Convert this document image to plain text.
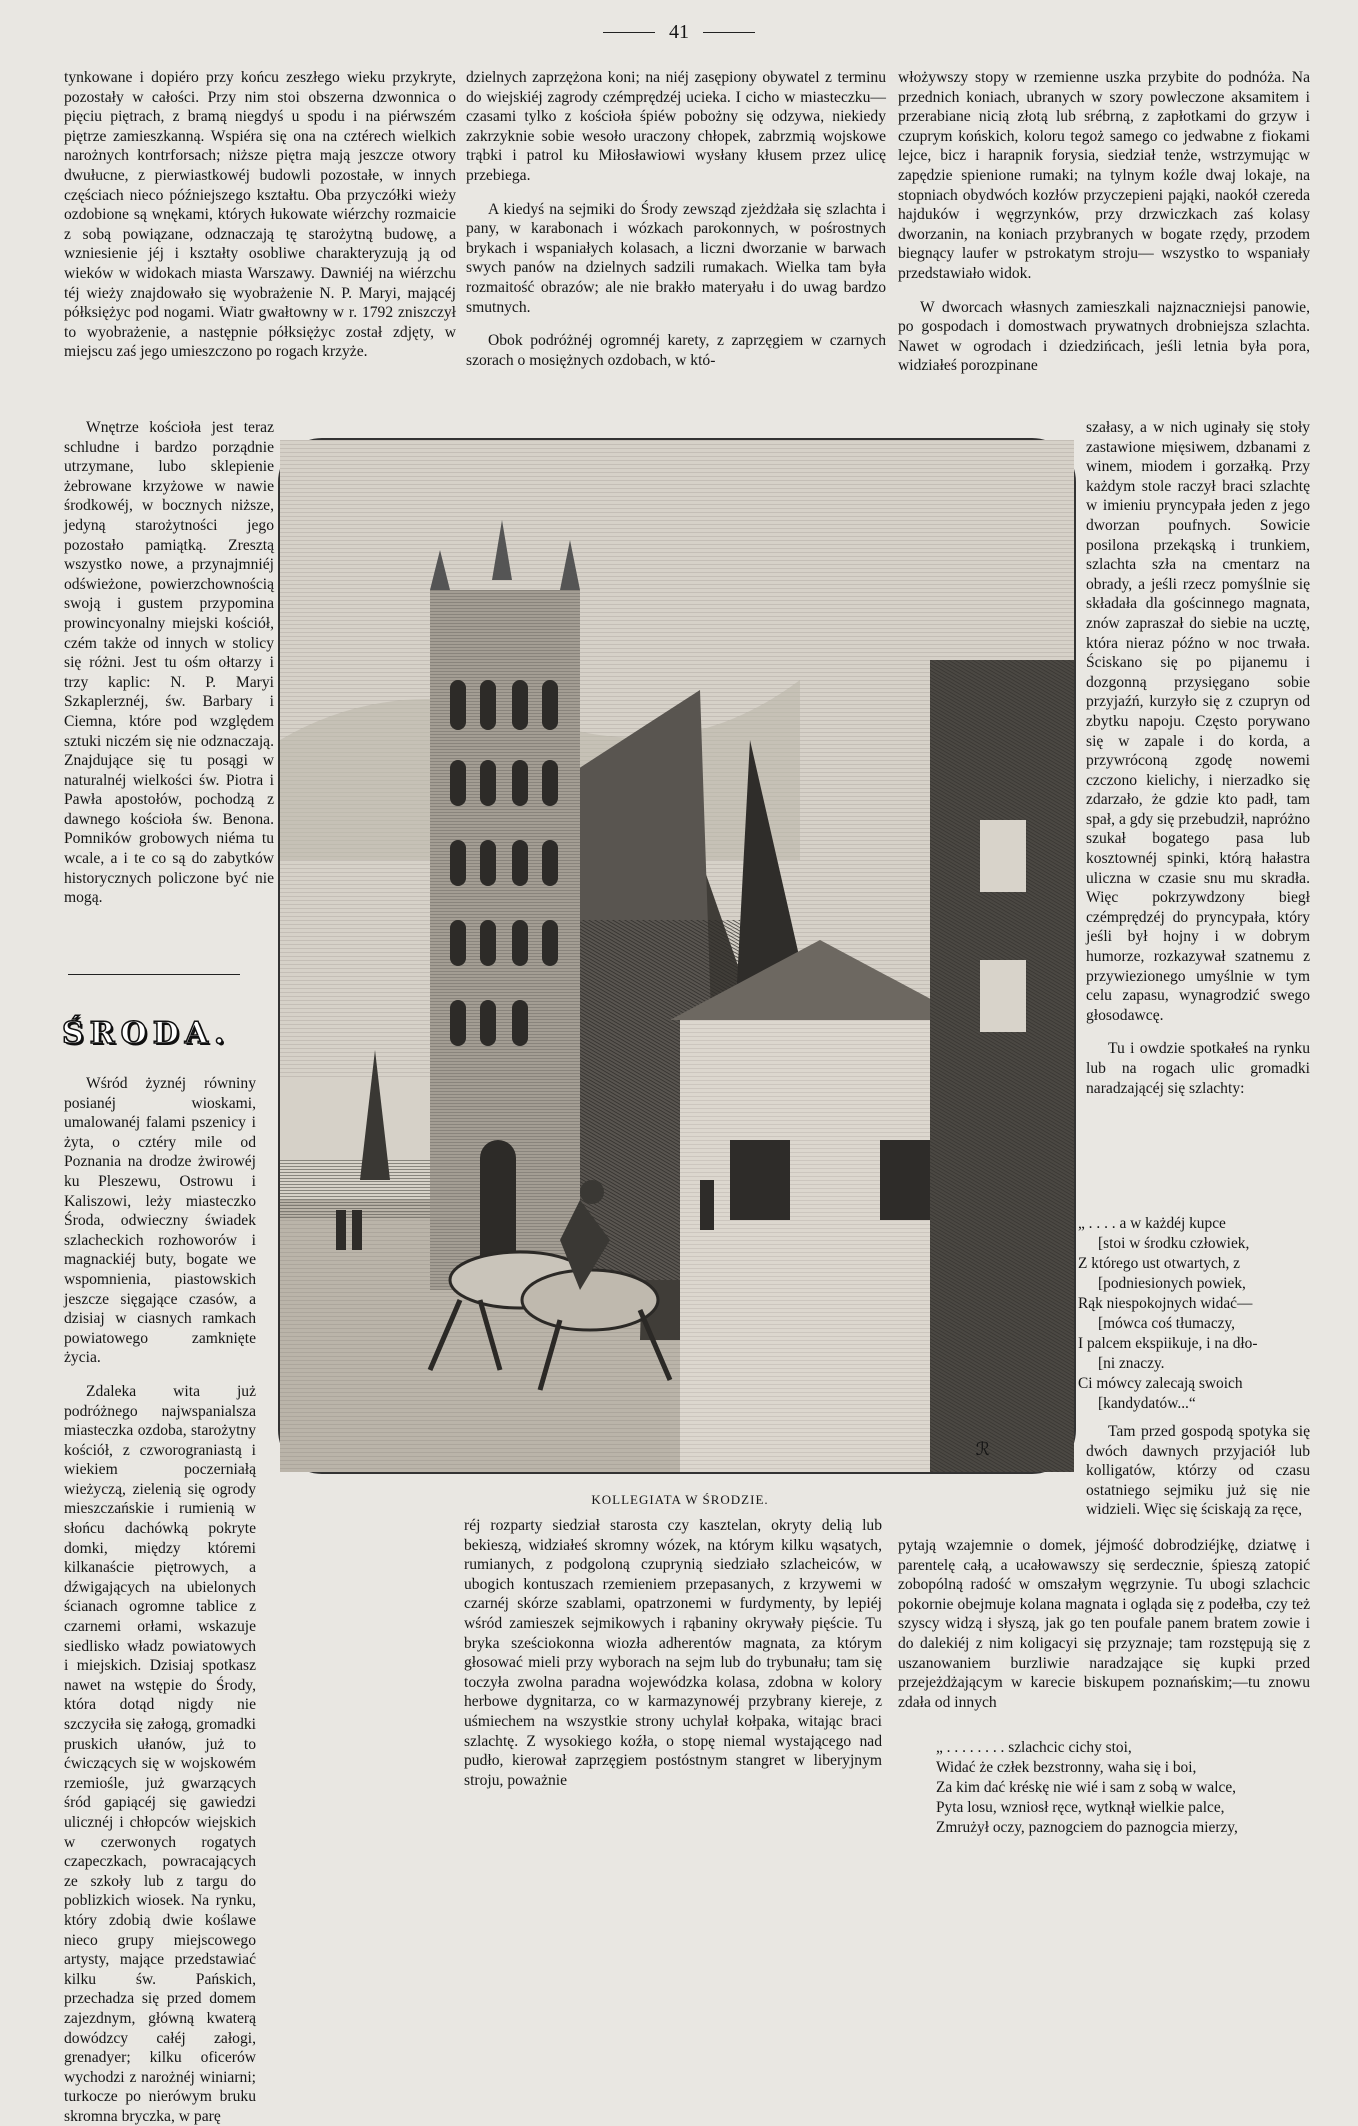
41

tynkowane i dopiéro przy końcu zeszłego wieku przykryte, pozostały w całości. Przy nim stoi obszerna dzwonnica o pięciu piętrach, z bramą niegdyś u spodu i na piérwszém piętrze zamieszkanną. Wspiéra się ona na cztérech wielkich narożnych kontrforsach; niższe piętra mają jeszcze otwory dwułucne, z pierwiastkowéj budowli pozostałe, w innych częściach nieco późniejszego kształtu. Oba przyczółki wieży ozdobione są wnękami, których łukowate wiérzchy rozmaicie z sobą powiązane, odznaczają tę starożytną budowę, a wzniesienie jéj i kształty osobliwe charakteryzują ją od wieków w widokach miasta Warszawy. Dawniéj na wiérzchu téj wieży znajdowało się wyobrażenie N. P. Maryi, mającéj półksiężyc pod nogami. Wiatr gwałtowny w r. 1792 zniszczył to wyobrażenie, a następnie półksiężyc został zdjęty, w miejscu zaś jego umieszczono po rogach krzyże.

Wnętrze kościoła jest teraz schludne i bardzo porządnie utrzymane, lubo sklepienie żebrowane krzyżowe w nawie środkowéj, w bocznych niższe, jedyną starożytności jego pozostało pamiątką. Zresztą wszystko nowe, a przynajmniéj odświeżone, powierzchownością swoją i gustem przypomina prowincyonalny miejski kościół, czém także od innych w stolicy się różni. Jest tu ośm ołtarzy i trzy kaplic: N. P. Maryi Szkaplerznéj, św. Barbary i Ciemna, które pod względem sztuki niczém się nie odznaczają. Znajdujące się tu posągi w naturalnéj wielkości św. Piotra i Pawła apostołów, pochodzą z dawnego kościoła św. Benona. Pomników grobowych niéma tu wcale, a i te co są do zabytków historycznych policzone być nie mogą.

ŚRODA.

Wśród żyznéj równiny posianéj wioskami, umalowanéj falami pszenicy i żyta, o cztéry mile od Poznania na drodze żwirowéj ku Pleszewu, Ostrowu i Kaliszowi, leży miasteczko Środa, odwieczny świadek szlacheckich rozhoworów i magnackiéj buty, bogate we wspomnienia, piastowskich jeszcze sięgające czasów, a dzisiaj w ciasnych ramkach powiatowego zamknięte życia.

Zdaleka wita już podróżnego najwspanialsza miasteczka ozdoba, starożytny kościół, z czworograniastą i wiekiem poczerniałą wieżyczą, zielenią się ogrody mieszczańskie i rumienią w słońcu dachówką pokryte domki, między któremi kilkanaście piętrowych, a dźwigających na ubielonych ścianach ogromne tablice z czarnemi orłami, wskazuje siedlisko władz powiatowych i miejskich. Dzisiaj spotkasz nawet na wstępie do Środy, która dotąd nigdy nie szczyciła się załogą, gromadki pruskich ułanów, już to ćwiczących się w wojskowém rzemiośle, już gwarzących śród gapiącéj się gawiedzi ulicznéj i chłopców wiejskich w czerwonych rogatych czapeczkach, powracających ze szkoły lub z targu do poblizkich wiosek. Na rynku, który zdobią dwie koślawe nieco grupy miejscowego artysty, mające przedstawiać kilku św. Pańskich, przechadza się przed domem zajezdnym, główną kwaterą dowódzcy całéj załogi, grenadyer; kilku oficerów wychodzi z narożnéj winiarni; turkocze po nierówym bruku skromna bryczka, w parę

dzielnych zaprzężona koni; na niéj zasępiony obywatel z terminu do wiejskiéj zagrody czémprędzéj ucieka. I cicho w miasteczku—czasami tylko z kościoła śpiéw pobożny się odzywa, niekiedy zakrzyknie sobie wesoło uraczony chłopek, zabrzmią wojskowe trąbki i patrol ku Miłosławiowi wysłany kłusem przez ulicę przebiega.

A kiedyś na sejmiki do Środy zewsząd zjeżdżała się szlachta i pany, w karabonach i wózkach parokonnych, w pośrostnych brykach i wspaniałych kolasach, a liczni dworzanie w barwach swych panów na dzielnych sadzili rumakach. Wielka tam była rozmaitość obrazów; ale nie brakło materyału i do uwag bardzo smutnych.

Obok podróżnéj ogromnéj karety, z zaprzęgiem w czarnych szorach o mosiężnych ozdobach, w któ-

włożywszy stopy w rzemienne uszka przybite do podnóża. Na przednich koniach, ubranych w szory powleczone aksamitem i przerabiane nicią złotą lub srébrną, z zapłotkami do grzyw i czuprym końskich, koloru tegoż samego co jedwabne z fiokami lejce, bicz i harapnik forysia, siedział tenże, wstrzymując w zapędzie spienione rumaki; na tylnym koźle dwaj lokaje, na stopniach obydwóch kozłów przyczepieni pająki, naokół czereda hajduków i węgrzynków, przy drzwiczkach zaś kolasy dworzanin, na koniach przybranych w bogate rzędy, przodem biegnący laufer w pstrokatym stroju— wszystko to wspaniały przedstawiało widok.

W dworcach własnych zamieszkali najznaczniejsi panowie, po gospodach i domostwach prywatnych drobniejsza szlachta. Nawet w ogrodach i dziedzińcach, jeśli letnia była pora, widziałeś porozpinane

szałasy, a w nich uginały się stoły zastawione mięsiwem, dzbanami z winem, miodem i gorzałką. Przy każdym stole raczył braci szlachtę w imieniu pryncypała jeden z jego dworzan poufnych. Sowicie posilona przekąską i trunkiem, szlachta szła na cmentarz na obrady, a jeśli rzecz pomyślnie się składała dla gościnnego magnata, znów zapraszał do siebie na ucztę, która nieraz późno w noc trwała. Ściskano się po pijanemu i dozgonną przysięgano sobie przyjaźń, kurzyło się z czupryn od zbytku napoju. Często porywano się w zapale i do korda, a przywróconą zgodę nowemi czczono kielichy, i nierzadko się zdarzało, że gdzie kto padł, tam spał, a gdy się przebudził, napróżno szukał bogatego pasa lub kosztownéj spinki, którą hałastra uliczna w czasie snu mu skradła. Więc pokrzywdzony biegł czémprędzéj do pryncypała, który jeśli był hojny i w dobrym humorze, rozkazywał szatnemu z przywiezionego umyślnie w tym celu zapasu, wynagrodzić swego głosodawcę.

Tu i owdzie spotkałeś na rynku lub na rogach ulic gromadki naradzającéj się szlachty:

„ . . . . a w każdéj kupce
[stoi w środku człowiek,
Z którego ust otwartych, z
[podniesionych powiek,
Rąk niespokojnych widać—
[mówca coś tłumaczy,
I palcem ekspiikuje, i na dło-
[ni znaczy.
Ci mówcy zalecają swoich
[kandydatów...“

Tam przed gospodą spotyka się dwóch dawnych przyjaciół lub kolligatów, którzy od czasu ostatniego sejmiku już się nie widzieli. Więc się ściskają za ręce,

ℛ
KOLLEGIATA W ŚRODZIE.

réj rozparty siedział starosta czy kasztelan, okryty delią lub bekieszą, widziałeś skromny wózek, na którym kilku wąsatych, rumianych, z podgoloną czuprynią siedziało szlacheiców, w ubogich kontuszach rzemieniem przepasanych, z krzywemi w czarnéj skórze szablami, opatrzonemi w furdymenty, by lepiéj wśród zamieszek sejmikowych i rąbaniny okrywały pięście. Tu bryka sześciokonna wiozła adherentów magnata, za którym głosować mieli przy wyborach na sejm lub do trybunału; tam się toczyła zwolna paradna wojewódzka kolasa, zdobna w kolory herbowe dygnitarza, co w karmazynowéj przybrany kiereje, z uśmiechem na wszystkie strony uchylał kołpaka, witając braci szlachtę. Z wysokiego koźła, o stopę niemal wystającego nad pudło, kierował zaprzęgiem postóstnym stangret w liberyjnym stroju, poważnie

pytają wzajemnie o domek, jéjmość dobrodziéjkę, dziatwę i parentelę całą, a ucałowawszy się serdecznie, śpieszą zatopić zobopólną radość w omszałym węgrzynie. Tu ubogi szlachcic pokornie obejmuje kolana magnata i ogląda się z podełba, czy też szyscy widzą i słyszą, jak go ten poufale panem bratem zowie i do dalekiéj z nim koligacyi się przyznaje; tam rozstępują się z uszanowaniem burzliwie naradzające się kupki przed przejeżdżającym w karecie biskupem poznańskim;—tu znowu zdała od innych

„ . . . . . . . . szlachcic cichy stoi,
Widać że człek bezstronny, waha się i boi,
Za kim dać kréskę nie wié i sam z sobą w walce,
Pyta losu, wzniosł ręce, wytknął wielkie palce,
Zmrużył oczy, paznogciem do paznogcia mierzy,
